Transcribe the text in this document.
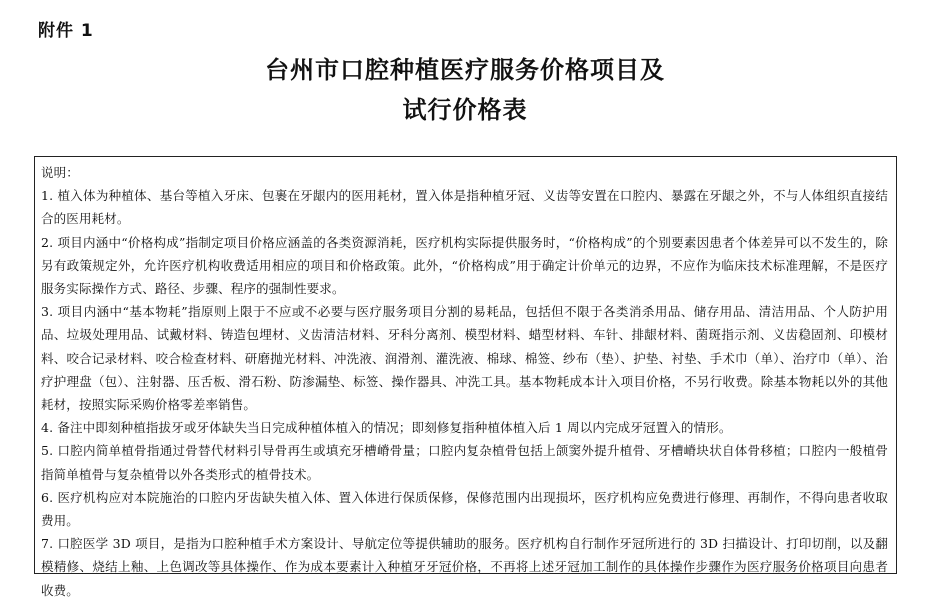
附件 1
台州市口腔种植医疗服务价格项目及
试行价格表

说明：

1. 植入体为种植体、基台等植入牙床、包裹在牙龈内的医用耗材，置入体是指种植牙冠、义齿等安置在口腔内、暴露在牙龈之外，不与人体组织直接结合的医用耗材。

2. 项目内涵中“价格构成”指制定项目价格应涵盖的各类资源消耗，医疗机构实际提供服务时，“价格构成”的个别要素因患者个体差异可以不发生的，除另有政策规定外，允许医疗机构收费适用相应的项目和价格政策。此外，“价格构成”用于确定计价单元的边界，不应作为临床技术标准理解，不是医疗服务实际操作方式、路径、步骤、程序的强制性要求。

3. 项目内涵中“基本物耗”指原则上限于不应或不必要与医疗服务项目分割的易耗品，包括但不限于各类消杀用品、储存用品、清洁用品、个人防护用品、垃圾处理用品、试戴材料、铸造包埋材、义齿清洁材料、牙科分离剂、模型材料、蜡型材料、车针、排龈材料、菌斑指示剂、义齿稳固剂、印模材料、咬合记录材料、咬合检查材料、研磨抛光材料、冲洗液、润滑剂、灌洗液、棉球、棉签、纱布（垫）、护垫、衬垫、手术巾（单）、治疗巾（单）、治疗护理盘（包）、注射器、压舌板、滑石粉、防渗漏垫、标签、操作器具、冲洗工具。基本物耗成本计入项目价格，不另行收费。除基本物耗以外的其他耗材，按照实际采购价格零差率销售。

4. 备注中即刻种植指拔牙或牙体缺失当日完成种植体植入的情况；即刻修复指种植体植入后 1 周以内完成牙冠置入的情形。

5. 口腔内简单植骨指通过骨替代材料引导骨再生或填充牙槽嵴骨量；口腔内复杂植骨包括上颌窦外提升植骨、牙槽嵴块状自体骨移植；口腔内一般植骨指简单植骨与复杂植骨以外各类形式的植骨技术。

6. 医疗机构应对本院施治的口腔内牙齿缺失植入体、置入体进行保质保修，保修范围内出现损坏，医疗机构应免费进行修理、再制作，不得向患者收取费用。

7. 口腔医学 3D 项目，是指为口腔种植手术方案设计、导航定位等提供辅助的服务。医疗机构自行制作牙冠所进行的 3D 扫描设计、打印切削，以及翻模精修、烧结上釉、上色调改等具体操作、作为成本要素计入种植牙牙冠价格，不再将上述牙冠加工制作的具体操作步骤作为医疗服务价格项目向患者收费。
